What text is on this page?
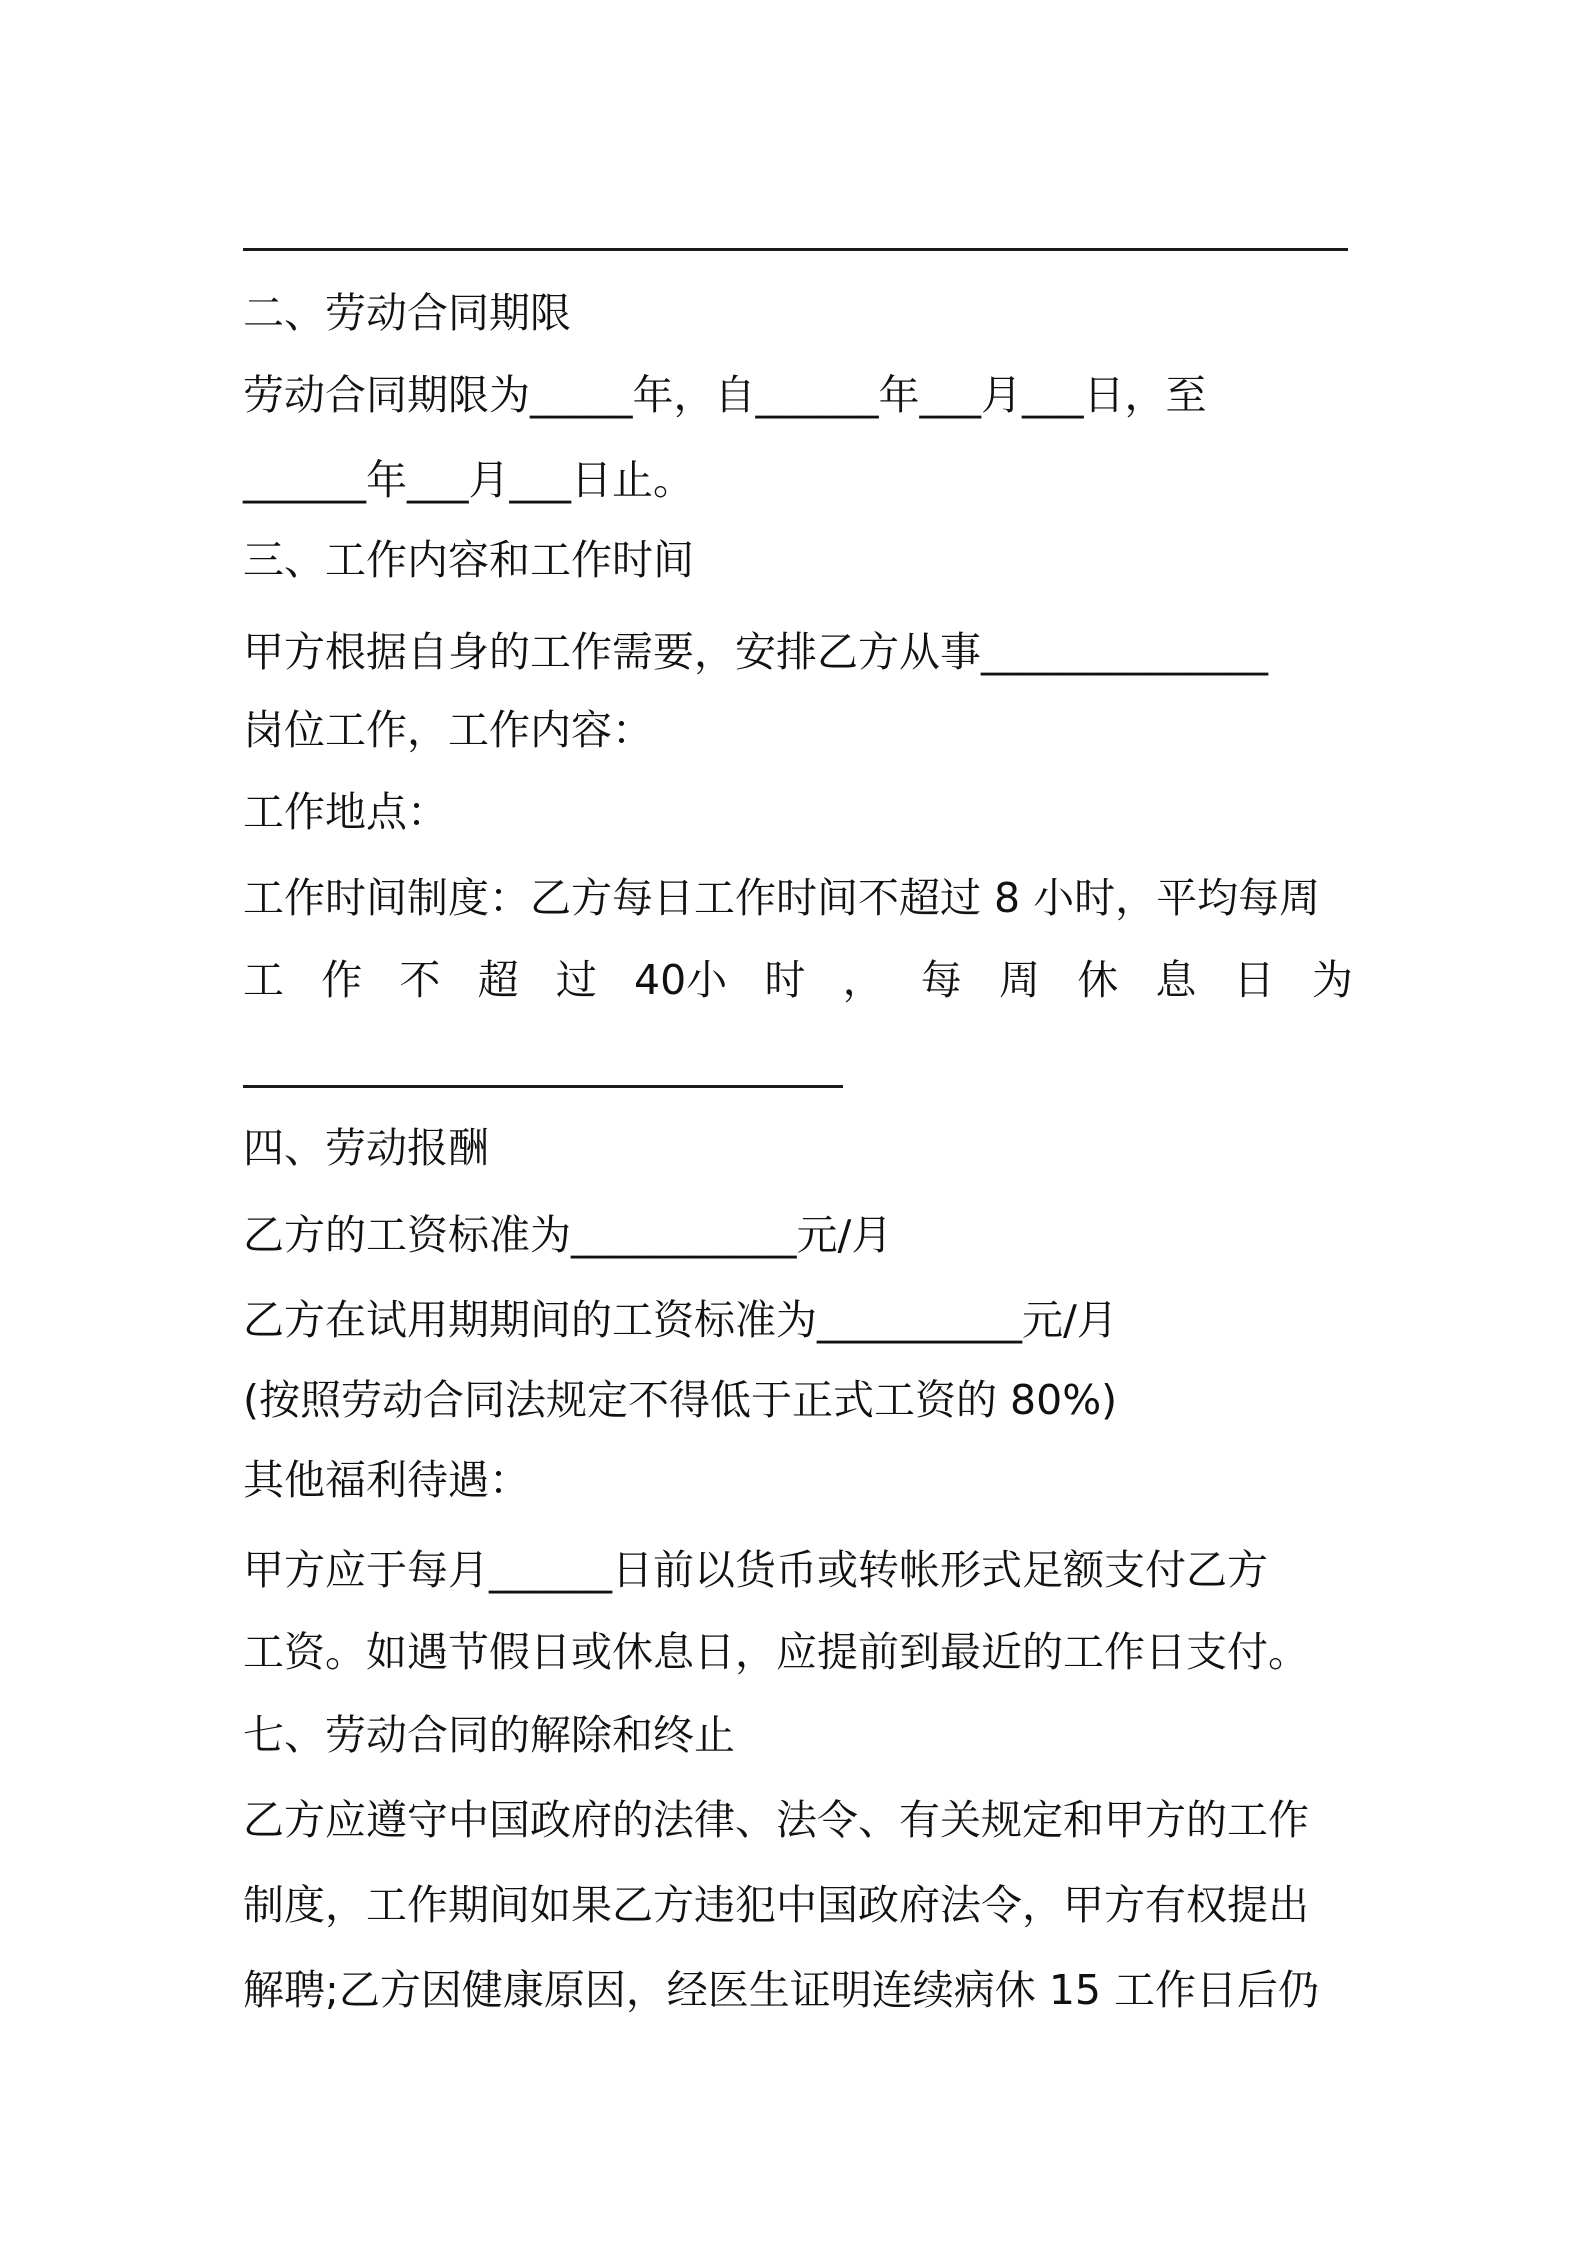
二、劳动合同期限
劳动合同期限为_____年，自______年___月___日，至
______年___月___日止。
三、工作内容和工作时间
甲方根据自身的工作需要，安排乙方从事______________
岗位工作，工作内容：
工作地点：
工作时间制度：乙方每日工作时间不超过 8 小时，平均每周
工 作 不 超 过 40小 时 ， 每 周 休 息 日 为
四、劳动报酬
乙方的工资标准为___________元/月
乙方在试用期期间的工资标准为__________元/月
(按照劳动合同法规定不得低于正式工资的 80%)
其他福利待遇：
甲方应于每月______日前以货币或转帐形式足额支付乙方
工资。如遇节假日或休息日，应提前到最近的工作日支付。
七、劳动合同的解除和终止
乙方应遵守中国政府的法律、法令、有关规定和甲方的工作
制度，工作期间如果乙方违犯中国政府法令，甲方有权提出
解聘;乙方因健康原因，经医生证明连续病休 15 工作日后仍
